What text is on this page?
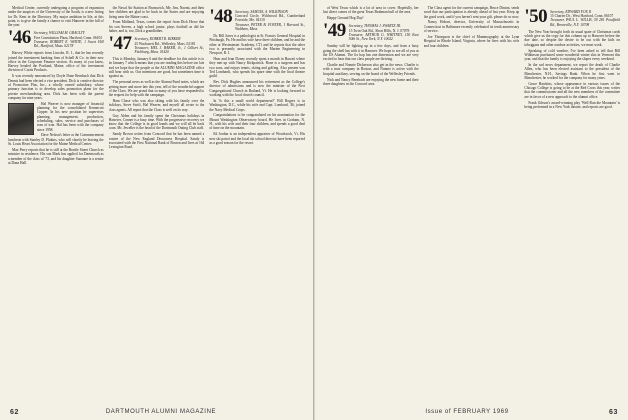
Medical Center, currently undergoing a program of expansion under the auspices of the University of the South, is a new listing for Dr. Kent in the Directory. My major ambition in life, at this point, is to give the family a chance to visit Hanover in the fall of the year.

'46 Secretary, WILLIAM M. GRAULTY
Five Constitution Plaza, Hartford, Conn. 06103
Treasurer, ROBERT E. WHITE, 1 Sweet Hill Rd., Hartford, Mass. 02178

Harvey White reports from Lincoln, R. I., that he has recently joined the investment banking firm of Schell & Co. in their new office in the Corporate Finance section. As many of you know, Harvey headed the Portland, Maine, office of the investment division of Curtis Products.

It was recently announced by Doyle Dane Bernbach that Dick Dennis had been elected a vice president. Dick is creative director of Promotion Plus, Inc., a wholly owned subsidiary, whose primary function is to develop sales promotion plans for the private merchandising area. Dick has been with the parent company for nine years.

Hal Weaver is now manager of financial planning for the consolidated Kennecott Copper. In his new position he supervises planning, management, production, scheduling, sales, service and purchases of tons of iron. Hal has been with the company since 1958.

Dave Nelson's letter at the Commencement luncheon with Stanley D. Plokins, who will shortly be leaving the St. Louis Heart Association for the Maine Medical Center.

Max Perry reports that he is still at the Brattle Street Church as minister in residence. His son Mark has applied for Dartmouth as a member of the class of '73, and his daughter Suzanne is a senior at Dana Hall.

the Naval Air Station at Brunswick, Me. Jim, Naomi, and their five children are glad to be back in the States and are enjoying living near the Maine coast.

From Midland, Texas, comes the report from Dick Howe that his son Steven, a high school junior, plays football as did his father, and is, too, Dick a grandfather.

'47 Secretary, ROBERT R. KIRKER
25 Wachusett Rd., Wellesley, Mass. 02181
Treasurer, MEL J. BAKER, Jr., 1 Gilbert St., Fitchburg, Mass. 01420

This is Monday, January 6 and the deadline for this article is to be January 7 which means that you are reading this before too late and we hope that the people at the ALUMNI MAGAZINE office will bear with us. Our intentions are good, but sometimes time is against us.

The personal news as well as the Alumni Fund notes, which are getting more and more late this year, tell of the wonderful support of the Class. We are proud that so many of you have responded to the request for help with the campaign.

Ham Chase who was also skiing with his family over the holidays, Steve Swift, Hal Weaver, and myself all wrote to the class agents. All report that the Class is well on its way.

Guy Alden and his family spent the Christmas holidays in Hanover, Conner is a busy time. With the progressive recovery we know that the College is in good hands and we will all be back soon. Mr. Jeweller is the head of the Dartmouth Outing Club staff.

Sandy Brown writes from Concord that he has been named a trustee of the New England Deaconess Hospital. Sandy is associated with the First National Bank of Boston and lives at 164 Lexington Road.

'48 Secretary, SAMUEL A. WILKINSON
Concord Circle, Wildwood Rd., Cumberland Foreside, Me. 04110
Treasurer, PETER B. FOSTER, 1 Harvard St., Waltham, Mass.

Dr. Bill Jones is a pathologist at St. Francis General Hospital in Pittsburgh, Pa. He and his wife have three children, and he and the other at Westminster Academy, CT) and he reports that the other two is presently associated with the Marine Engineering in Newport, R. I.

Hear and Jean Doney recently spent a month in Hawaii where they met up with Nancy Kirkpatrick. Bone is a surgeon and has two sons, and enjoys tennis, skiing and golfing. Also present was Ted Lombardi, who spends his spare time with the local theatre guild.

Rev. Dick Hughes announced his retirement as the College's director of admissions and is now the minister of the First Congregational Church in Rutland, Vt. He is looking forward to working with the local church council.

In 'Is this a small world department?' Bill Rogers is in Washington, D.C., while his wife and Capt. Lombard, '46, joined the Navy Medical Corps.

Congratulations to be congratulated on his nomination for the Mount Washington Observatory board. He lives in Gorham, N. H., with his wife and their four children, and spends a good deal of time on the mountain.

Ed Jordan is an independent appraiser of Woodstock, Vt. His new ski patrol and the local ski school director have been reported as a good season for the resort.

62	DARTMOUTH ALUMNI MAGAZINE

of West Texas which is a lot of area to cover. Hopefully, her last direct comes of the great Texas Brahman bull of the area.

Happy Ground Hog Day!

'49 Secretary, THOMAS J. SWARTZ JR.
15 Twin Oak Rd., Short Hills, N. J. 07078
Treasurer, ARTHUR G. WHITNEY, 150 East 50th St., New York, N.Y. 10022

Sunday will be lighting up in a few days, and from a busy going the shell has with it in Hanover. We hope to see all of you at the US Alumni. The fix hop has one dimension and we are very excited to hear that our class people are thriving.

Charlie and Nonnie Dickerson also get in the news. Charlie is with a trust company in Boston, and Nonnie is active with the hospital auxiliary, serving on the board of the Wellesley Friends.

Nick and Nancy Bernbach are enjoying the new home and their three daughters in the Concord area.

The Class agent for the current campaign, Bruce Dinton, sends word that our participation is already ahead of last year. Keep up the good work, and if you haven't sent your gift, please do so now.

Nancy Hobart, director, University of Massachusetts in Connecticut in Baltimore recently celebrated its tenth anniversary of service.

Joe Thompson is the chief of Mammography at the Lynn Hospital in Rhode Island, Virginia, where he lives with his wife and four children.

'50 Secretary, EDWARD FOX II
15 Charter Dr., West Hartford, Conn. 06107
Treasurer, PAUL L. WILLIS, 59 281 Pondfield Rd., Bronxville, N.Y. 10708

The New Year brought forth its usual spate of Christmas cards which give us the copy for this column up to Hanover before the due date, so despite the desire to be out with the kids on toboggans and other outdoor activities, we must work.

Speaking of cold weather, I've been asked to tell that Bill Wilkinson purchased some wonderful winter skis in Vermont this year, and that the family is enjoying the slopes every weekend.

In the sad news department, we report the death of Charlie Allen, who has been elected assistant to the president of the Manchester, N.H., Savings Bank. When he first went to Manchester, he worked for the company for many years.

Grace Hawkins, whose appearance in various issues of the Chicago College is going to be at the Red Cross this year, writes that the commissioner and all the new members of the committee are in favor of a new approach to the alumni office.

Frank Gibson's award-winning play 'Well Run the Mountain' is being performed in a New York theatre, and reports are good.

Issue of FEBRUARY 1969	63
